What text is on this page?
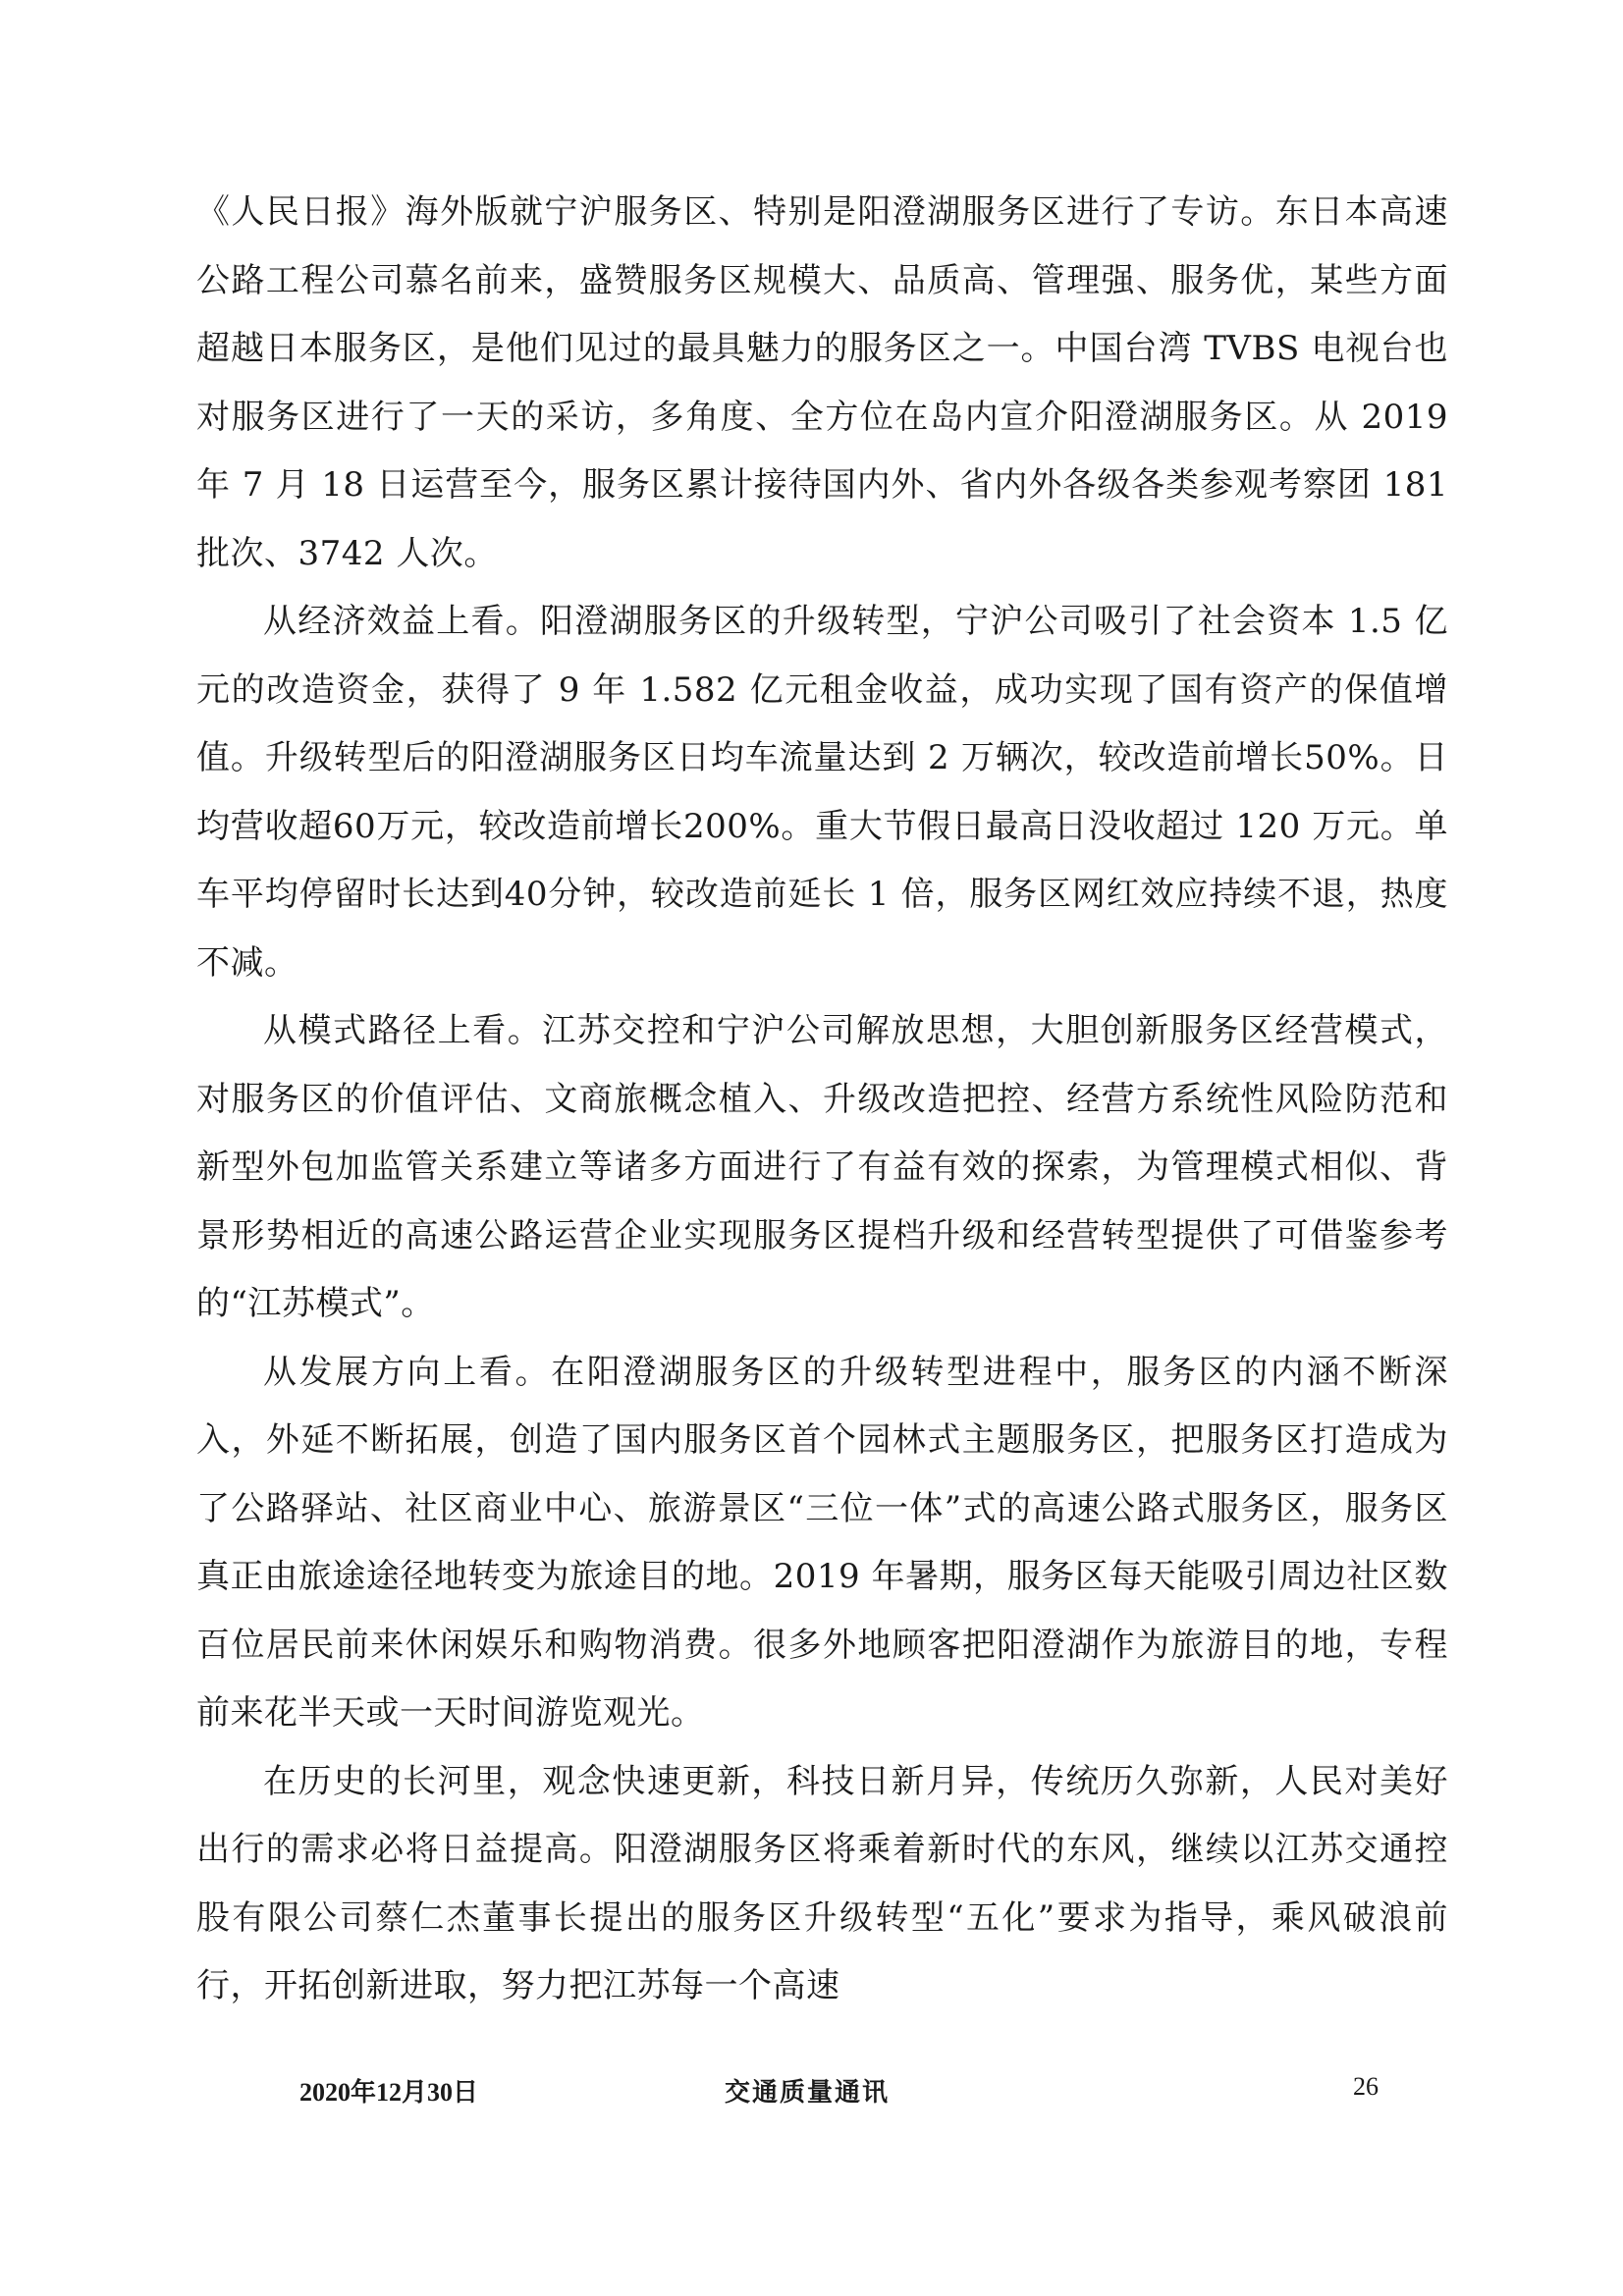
《人民日报》海外版就宁沪服务区、特别是阳澄湖服务区进行了专访。东日本高速公路工程公司慕名前来，盛赞服务区规模大、品质高、管理强、服务优，某些方面超越日本服务区，是他们见过的最具魅力的服务区之一。中国台湾 TVBS 电视台也对服务区进行了一天的采访，多角度、全方位在岛内宣介阳澄湖服务区。从 2019 年 7 月 18 日运营至今，服务区累计接待国内外、省内外各级各类参观考察团 181 批次、3742 人次。

从经济效益上看。阳澄湖服务区的升级转型，宁沪公司吸引了社会资本 1.5 亿元的改造资金，获得了 9 年 1.582 亿元租金收益，成功实现了国有资产的保值增值。升级转型后的阳澄湖服务区日均车流量达到 2 万辆次，较改造前增长50%。日均营收超60万元，较改造前增长200%。重大节假日最高日没收超过 120 万元。单车平均停留时长达到40分钟，较改造前延长 1 倍，服务区网红效应持续不退，热度不减。

从模式路径上看。江苏交控和宁沪公司解放思想，大胆创新服务区经营模式，对服务区的价值评估、文商旅概念植入、升级改造把控、经营方系统性风险防范和新型外包加监管关系建立等诸多方面进行了有益有效的探索，为管理模式相似、背景形势相近的高速公路运营企业实现服务区提档升级和经营转型提供了可借鉴参考的“江苏模式”。

从发展方向上看。在阳澄湖服务区的升级转型进程中，服务区的内涵不断深入，外延不断拓展，创造了国内服务区首个园林式主题服务区，把服务区打造成为了公路驿站、社区商业中心、旅游景区“三位一体”式的高速公路式服务区，服务区真正由旅途途径地转变为旅途目的地。2019 年暑期，服务区每天能吸引周边社区数百位居民前来休闲娱乐和购物消费。很多外地顾客把阳澄湖作为旅游目的地，专程前来花半天或一天时间游览观光。

在历史的长河里，观念快速更新，科技日新月异，传统历久弥新，人民对美好出行的需求必将日益提高。阳澄湖服务区将乘着新时代的东风，继续以江苏交通控股有限公司蔡仁杰董事长提出的服务区升级转型“五化”要求为指导，乘风破浪前行，开拓创新进取，努力把江苏每一个高速

2020年12月30日	交通质量通讯	26
